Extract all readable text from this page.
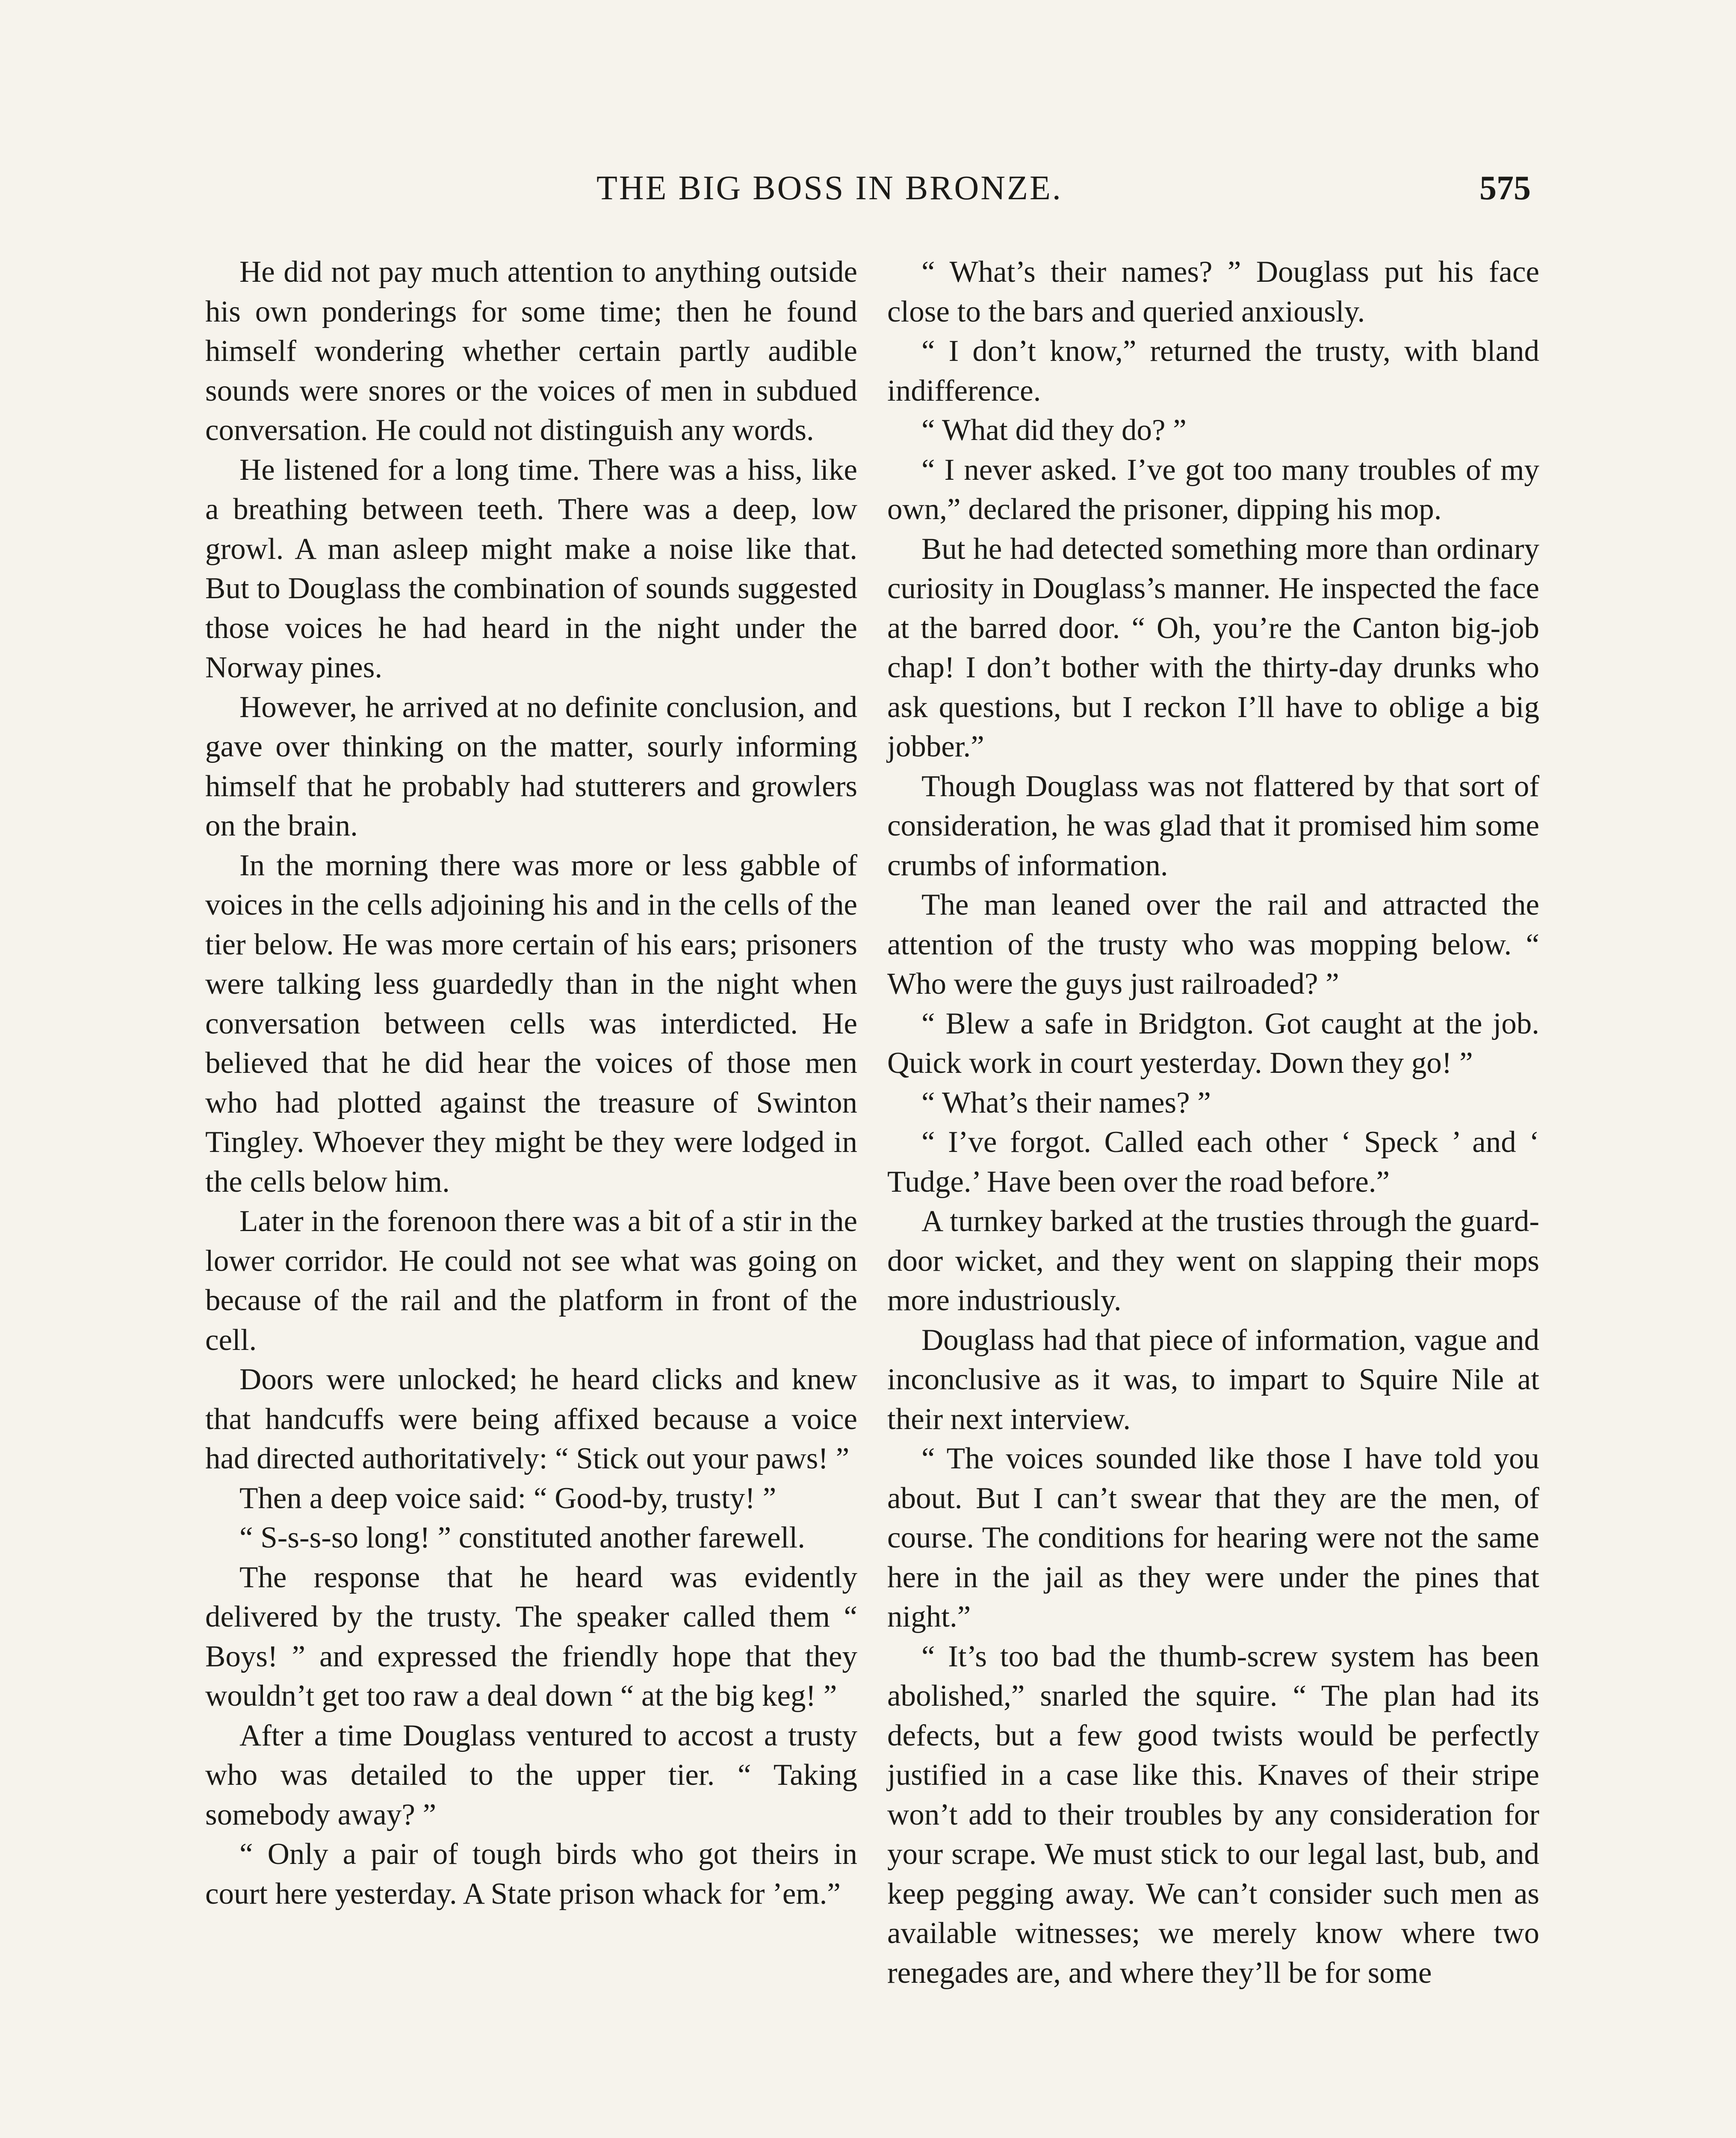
THE BIG BOSS IN BRONZE.	575

He did not pay much attention to anything outside his own ponderings for some time; then he found himself wondering whether certain partly audible sounds were snores or the voices of men in subdued conversation. He could not distinguish any words.

He listened for a long time. There was a hiss, like a breathing between teeth. There was a deep, low growl. A man asleep might make a noise like that. But to Douglass the combination of sounds suggested those voices he had heard in the night under the Norway pines.

However, he arrived at no definite conclusion, and gave over thinking on the matter, sourly informing himself that he probably had stutterers and growlers on the brain.

In the morning there was more or less gabble of voices in the cells adjoining his and in the cells of the tier below. He was more certain of his ears; prisoners were talking less guardedly than in the night when conversation between cells was interdicted. He believed that he did hear the voices of those men who had plotted against the treasure of Swinton Tingley. Whoever they might be they were lodged in the cells below him.

Later in the forenoon there was a bit of a stir in the lower corridor. He could not see what was going on because of the rail and the platform in front of the cell.

Doors were unlocked; he heard clicks and knew that handcuffs were being affixed because a voice had directed authoritatively: “ Stick out your paws! ”

Then a deep voice said: “ Good-by, trusty! ”

“ S-s-s-so long! ” constituted another farewell.

The response that he heard was evidently delivered by the trusty. The speaker called them “ Boys! ” and expressed the friendly hope that they wouldn’t get too raw a deal down “ at the big keg! ”

After a time Douglass ventured to accost a trusty who was detailed to the upper tier. “ Taking somebody away? ”

“ Only a pair of tough birds who got theirs in court here yesterday. A State prison whack for ’em.”

“ What’s their names? ” Douglass put his face close to the bars and queried anxiously.

“ I don’t know,” returned the trusty, with bland indifference.

“ What did they do? ”

“ I never asked. I’ve got too many troubles of my own,” declared the prisoner, dipping his mop.

But he had detected something more than ordinary curiosity in Douglass’s manner. He inspected the face at the barred door. “ Oh, you’re the Canton big-job chap! I don’t bother with the thirty-day drunks who ask questions, but I reckon I’ll have to oblige a big jobber.”

Though Douglass was not flattered by that sort of consideration, he was glad that it promised him some crumbs of information.

The man leaned over the rail and attracted the attention of the trusty who was mopping below. “ Who were the guys just railroaded? ”

“ Blew a safe in Bridgton. Got caught at the job. Quick work in court yesterday. Down they go! ”

“ What’s their names? ”

“ I’ve forgot. Called each other ‘ Speck ’ and ‘ Tudge.’ Have been over the road before.”

A turnkey barked at the trusties through the guard-door wicket, and they went on slapping their mops more industriously.

Douglass had that piece of information, vague and inconclusive as it was, to impart to Squire Nile at their next interview.

“ The voices sounded like those I have told you about. But I can’t swear that they are the men, of course. The conditions for hearing were not the same here in the jail as they were under the pines that night.”

“ It’s too bad the thumb-screw system has been abolished,” snarled the squire. “ The plan had its defects, but a few good twists would be perfectly justified in a case like this. Knaves of their stripe won’t add to their troubles by any consideration for your scrape. We must stick to our legal last, bub, and keep pegging away. We can’t consider such men as available witnesses; we merely know where two renegades are, and where they’ll be for some
